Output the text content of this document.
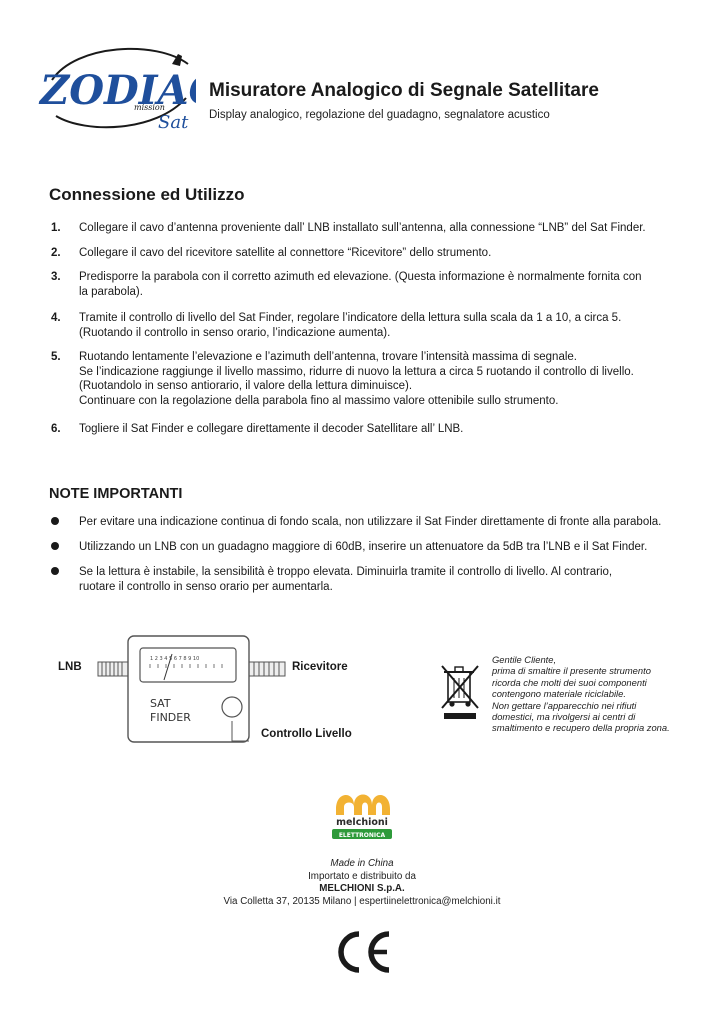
ZODIA
mission
Sat
Misuratore Analogico di Segnale Satellitare
Display analogico, regolazione del guadagno, segnalatore acustico
Connessione ed Utilizzo
1. Collegare il cavo d’antenna proveniente dall’ LNB installato sull’antenna, alla connessione “LNB” del Sat Finder.
2. Collegare il cavo del ricevitore satellite al connettore “Ricevitore” dello strumento.
3. Predisporre la parabola con il corretto azimuth ed elevazione. (Questa informazione è normalmente fornita con
la parabola).
4. Tramite il controllo di livello del Sat Finder, regolare l’indicatore della lettura sulla scala da 1 a 10, a circa 5.
(Ruotando il controllo in senso orario, l’indicazione aumenta).
5. Ruotando lentamente l’elevazione e l’azimuth dell’antenna, trovare l’intensità massima di segnale.
Se l’indicazione raggiunge il livello massimo, ridurre di nuovo la lettura a circa 5 ruotando il controllo di livello.
(Ruotandolo in senso antiorario, il valore della lettura diminuisce).
Continuare con la regolazione della parabola fino al massimo valore ottenibile sullo strumento.
6. Togliere il Sat Finder e collegare direttamente il decoder Satellitare all’ LNB.
NOTE IMPORTANTI
Per evitare una indicazione continua di fondo scala, non utilizzare il Sat Finder direttamente di fronte alla parabola.
Utilizzando un LNB con un guadagno maggiore di 60dB, inserire un attenuatore da 5dB tra l’LNB e il Sat Finder.
Se la lettura è instabile, la sensibilità è troppo elevata. Diminuirla tramite il controllo di livello. Al contrario,
ruotare il controllo in senso orario per aumentarla.
LNB	Ricevitore
Controllo Livello
1 2 3 4 5 6 7 8 9 10
SAT
FINDER
Gentile Cliente,
prima di smaltire il presente strumento
ricorda che molti dei suoi componenti
contengono materiale riciclabile.
Non gettare l’apparecchio nei rifiuti
domestici, ma rivolgersi ai centri di
smaltimento e recupero della propria zona.
melchioni
ELETTRONICA
Made in China
Importato e distribuito da
MELCHIONI S.p.A.
Via Colletta 37, 20135 Milano | espertiinelettronica@melchioni.it
